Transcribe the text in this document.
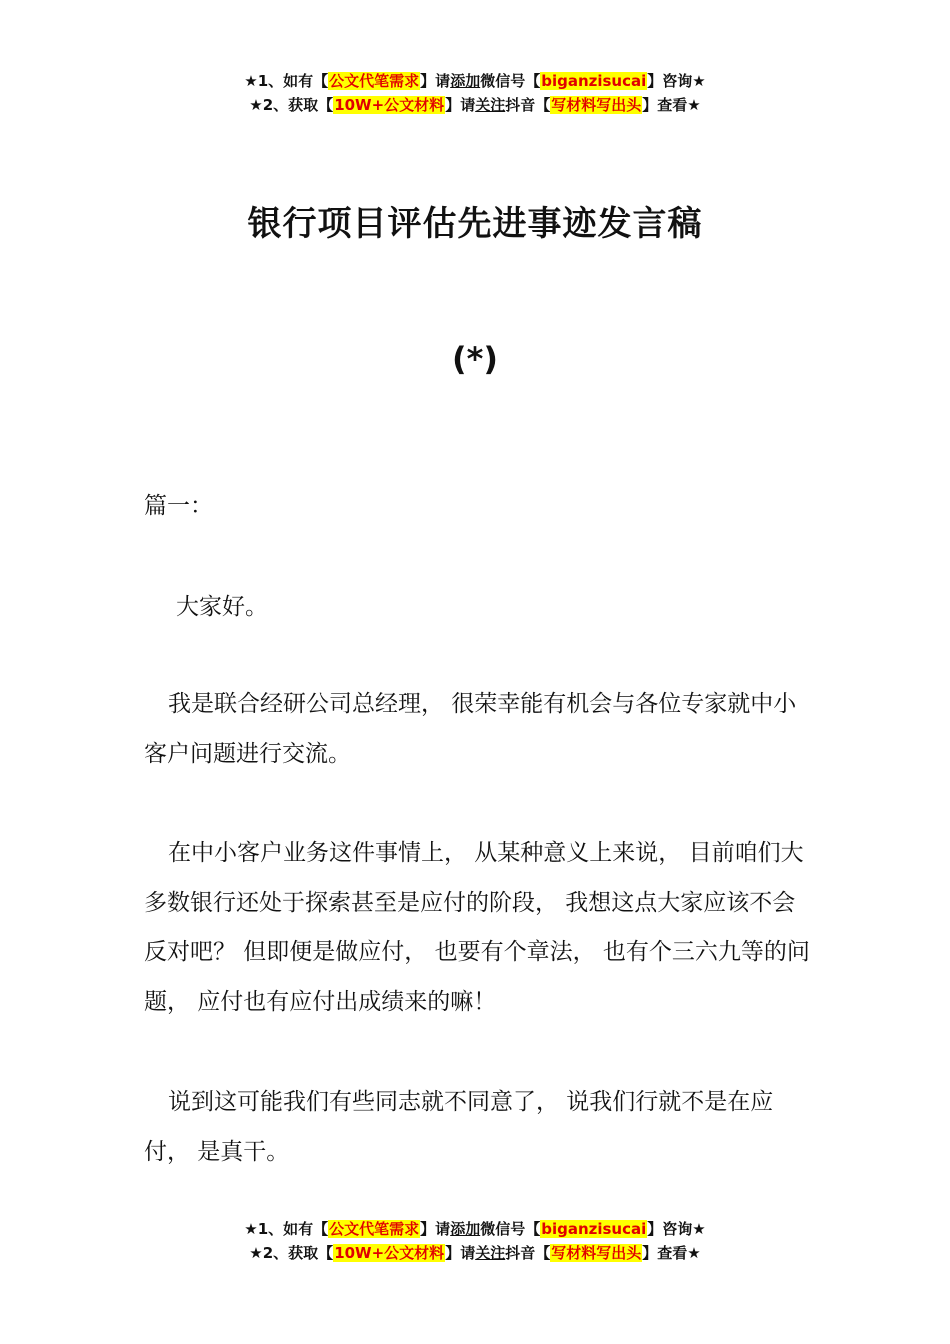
★1、如有【公文代笔需求】请添加微信号【biganzisucai】咨询★
★2、获取【10W+公文材料】请关注抖音【写材料写出头】查看★
银行项目评估先进事迹发言稿
(*)
篇一：

大家好。

我是联合经研公司总经理， 很荣幸能有机会与各位专家就中小客户问题进行交流。

在中小客户业务这件事情上， 从某种意义上来说， 目前咱们大多数银行还处于探索甚至是应付的阶段， 我想这点大家应该不会反对吧？ 但即便是做应付， 也要有个章法， 也有个三六九等的问题， 应付也有应付出成绩来的嘛！

说到这可能我们有些同志就不同意了， 说我们行就不是在应付， 是真干。

★1、如有【公文代笔需求】请添加微信号【biganzisucai】咨询★
★2、获取【10W+公文材料】请关注抖音【写材料写出头】查看★
